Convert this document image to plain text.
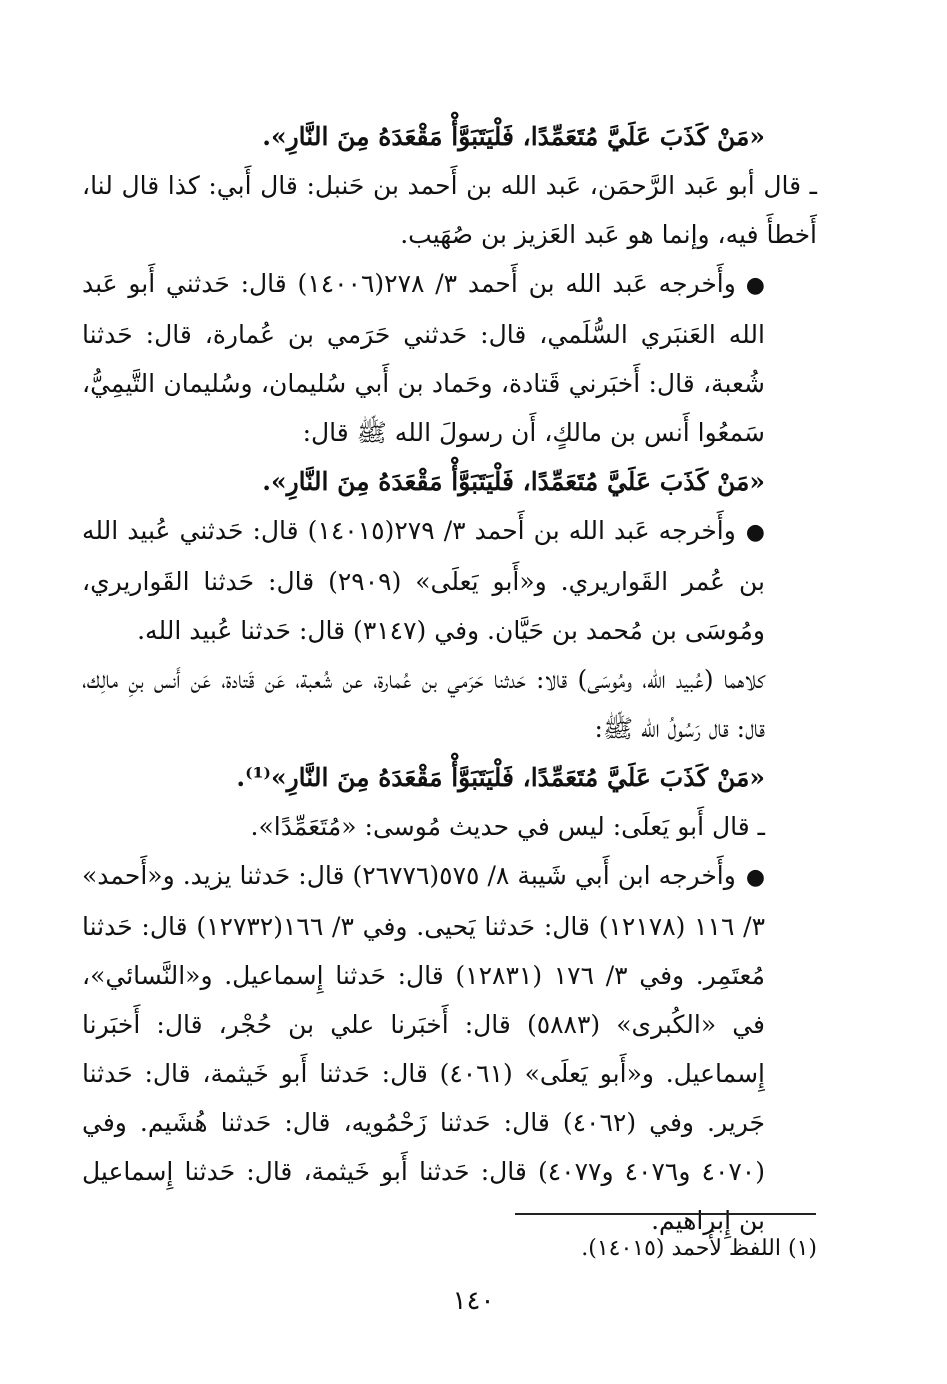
«مَنْ كَذَبَ عَلَيَّ مُتَعَمِّدًا، فَلْيَتَبَوَّأْ مَقْعَدَهُ مِنَ النَّارِ».

ـ قال أبو عَبد الرَّحمَن، عَبد الله بن أَحمد بن حَنبل: قال أَبي: كذا قال لنا، أَخطأَ فيه، وإنما هو عَبد العَزيز بن صُهَيب.

●وأَخرجه عَبد الله بن أَحمد ٣/ ٢٧٨(١٤٠٠٦) قال: حَدثني أَبو عَبد الله العَنبَري السُّلَمي، قال: حَدثني حَرَمي بن عُمارة، قال: حَدثنا شُعبة، قال: أَخبَرني قَتادة، وحَماد بن أَبي سُليمان، وسُليمان التَّيمِيُّ، سَمعُوا أَنس بن مالكٍ، أَن رسولَ الله ﷺ قال:

«مَنْ كَذَبَ عَلَيَّ مُتَعَمِّدًا، فَلْيَتَبَوَّأْ مَقْعَدَهُ مِنَ النَّارِ».

●وأَخرجه عَبد الله بن أَحمد ٣/ ٢٧٩(١٤٠١٥) قال: حَدثني عُبيد الله بن عُمر القَواريري. و«أَبو يَعلَى» (٢٩٠٩) قال: حَدثنا القَواريري، ومُوسَى بن مُحمد بن حَيَّان. وفي (٣١٤٧) قال: حَدثنا عُبيد الله.

كلاهما (عُبيد الله، ومُوسَى) قالا: حَدثنا حَرَمي بن عُمارة، عن شُعبة، عَن قَتادة، عَن أَنس بنِ مالِك، قال: قال رَسُولُ الله ﷺ:

«مَنْ كَذَبَ عَلَيَّ مُتَعَمِّدًا، فَلْيَتَبَوَّأْ مَقْعَدَهُ مِنَ النَّارِ»⁽¹⁾.

ـ قال أَبو يَعلَى: ليس في حديث مُوسى: «مُتَعَمِّدًا».

●وأَخرجه ابن أَبي شَيبة ٨/ ٥٧٥(٢٦٧٧٦) قال: حَدثنا يزيد. و«أَحمد» ٣/ ١١٦ (١٢١٧٨) قال: حَدثنا يَحيى. وفي ٣/ ١٦٦(١٢٧٣٢) قال: حَدثنا مُعتَمِر. وفي ٣/ ١٧٦ (١٢٨٣١) قال: حَدثنا إِسماعيل. و«النَّسائي»، في «الكُبرى» (٥٨٨٣) قال: أَخبَرنا علي بن حُجْر، قال: أَخبَرنا إِسماعيل. و«أَبو يَعلَى» (٤٠٦١) قال: حَدثنا أَبو خَيثمة، قال: حَدثنا جَرير. وفي (٤٠٦٢) قال: حَدثنا زَحْمُويه، قال: حَدثنا هُشَيم. وفي (٤٠٧٠ و٤٠٧٦ و٤٠٧٧) قال: حَدثنا أَبو خَيثمة، قال: حَدثنا إِسماعيل بن إِبراهيم.

(١) اللفظ لأَحمد (١٤٠١٥).
١٤٠
